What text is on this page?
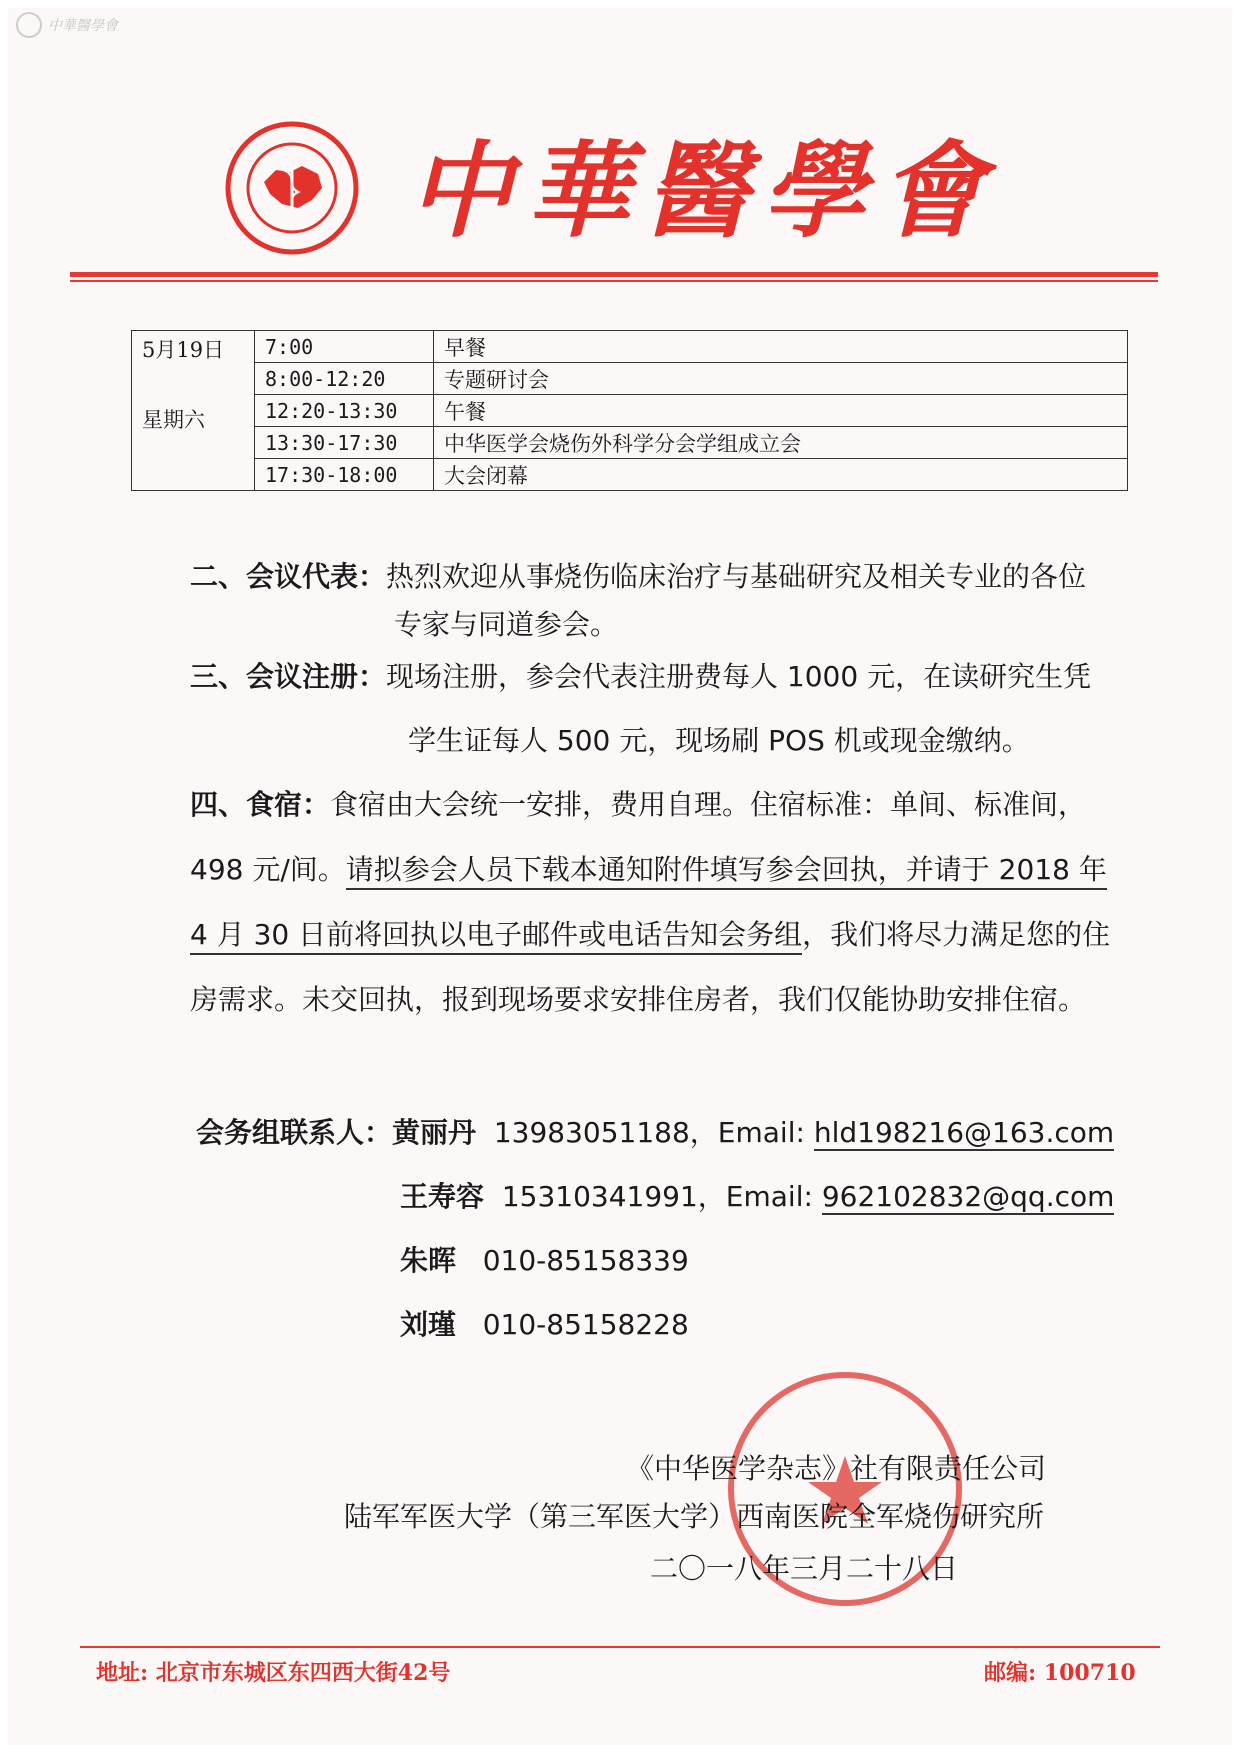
中華醫學會
中華醫學會
5月19日
星期六	7:00	早餐
	8:00-12:20	专题研讨会
	12:20-13:30	午餐
	13:30-17:30	中华医学会烧伤外科学分会学组成立会
	17:30-18:00	大会闭幕
二、会议代表：热烈欢迎从事烧伤临床治疗与基础研究及相关专业的各位
专家与同道参会。
三、会议注册：现场注册，参会代表注册费每人 1000 元，在读研究生凭
学生证每人 500 元，现场刷 POS 机或现金缴纳。
四、食宿：食宿由大会统一安排，费用自理。住宿标准：单间、标准间，
498 元/间。请拟参会人员下载本通知附件填写参会回执，并请于 2018 年
4 月 30 日前将回执以电子邮件或电话告知会务组，我们将尽力满足您的住
房需求。未交回执，报到现场要求安排住房者，我们仅能协助安排住宿。
会务组联系人：黄丽丹 13983051188，Email: hld198216@163.com
王寿容 15310341991，Email: 962102832@qq.com
朱晖 010-85158339
刘瑾 010-85158228
《中华医学杂志》社有限责任公司
陆军军医大学（第三军医大学）西南医院全军烧伤研究所
二〇一八年三月二十八日
地址: 北京市东城区东四西大街42号	邮编: 100710
